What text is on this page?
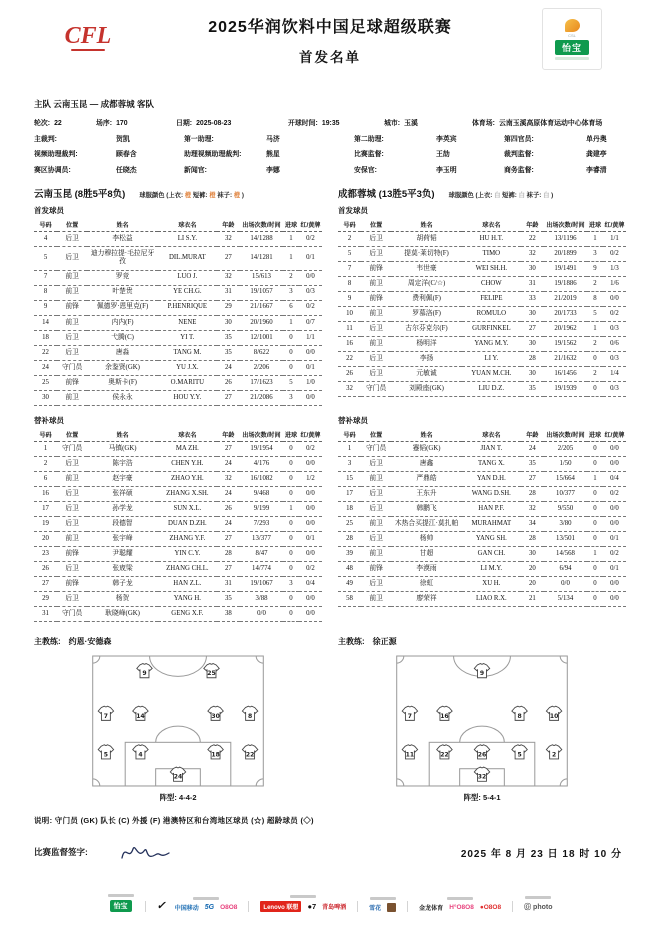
CFL	2025华润饮料中国足球超级联赛
首发名单
CSL
怡宝
主队 云南玉昆 — 成都蓉城 客队
轮次: 22	场序: 170	日期: 2025-08-23	开球时间: 19:35	城市: 玉溪	体育场: 云南玉溪高原体育运动中心体育场
主裁判:	贺凯	第一助理:	马济	第二助理:	李英宾	第四官员:	单丹奥
视频助理裁判:	顾春含	助理视频助理裁判:	熊星	比赛监督:	王劼	裁判监督:	龚建亭
赛区协调员:	任晓杰	新闻官:	李娜	安保官:	李玉明	商务监督:	李睿清
云南玉昆 (8胜5平8负) 球服颜色 (上衣: 橙 短裤: 橙 袜子: 橙 )
首发球员
号码	位置	姓名	球衣名	年龄	出场次数/时间	进球	红/黄牌
4	后卫	李松益	LI S.Y.	32	14/1288	1	0/2
5	后卫	迪力穆拉提·毛拉尼牙孜	DIL.MURAT	27	14/1281	1	0/1
7	前卫	罗竞	LUO J.	32	15/613	2	0/0
8	前卫	叶楚贵	YE CH.G.	31	19/1057	3	0/3
9	前锋	佩德罗·恩里克(F)	P.HENRIQUE	29	21/1667	6	0/2
14	前卫	内内(F)	NENE	30	20/1960	1	0/7
18	后卫	弋腾(C)	YI T.	35	12/1001	0	1/1
22	后卫	唐淼	TANG M.	35	8/622	0	0/0
24	守门员	余鉴贤(GK)	YU J.X.	24	2/206	0	0/1
25	前锋	奥斯卡(F)	O.MARITU	26	17/1623	5	1/0
30	前卫	侯永永	HOU Y.Y.	27	21/2086	3	0/0
替补球员
号码	位置	姓名	球衣名	年龄	出场次数/时间	进球	红/黄牌
1	守门员	马镇(GK)	MA ZH.	27	19/1954	0	0/2
2	后卫	陈宇浩	CHEN Y.H.	24	4/176	0	0/0
6	前卫	赵宇豪	ZHAO Y.H.	32	16/1082	0	1/2
16	后卫	张祥硕	ZHANG X.SH.	24	9/468	0	0/0
17	后卫	孙学龙	SUN X.L.	26	9/199	1	0/0
19	后卫	段德智	DUAN D.ZH.	24	7/293	0	0/0
20	前卫	张宇峰	ZHANG Y.F.	27	13/377	0	0/1
23	前锋	尹聪耀	YIN C.Y.	28	8/47	0	0/0
26	后卫	张宬梁	ZHANG CH.L.	27	14/774	0	0/2
27	前锋	韩子龙	HAN Z.L.	31	19/1067	3	0/4
29	后卫	杨贺	YANG H.	35	3/88	0	0/0
31	守门员	耿晓峰(GK)	GENG X.F.	38	0/0	0	0/0
主教练: 约恩·安德森
9	25
7	14	30	8
5	4	18	22
24
阵型: 4-4-2
成都蓉城 (13胜5平3负) 球服颜色 (上衣: 白 短裤: 白 袜子: 白 )
首发球员
号码	位置	姓名	球衣名	年龄	出场次数/时间	进球	红/黄牌
2	后卫	胡荷韬	HU H.T.	22	13/1196	1	1/1
5	后卫	提莫·莱切特(F)	TIMO	32	20/1899	3	0/2
7	前锋	韦世豪	WEI SH.H.	30	19/1491	9	1/3
8	前卫	周定洋(C/☆)	CHOW	31	19/1886	2	1/6
9	前锋	费利佩(F)	FELIPE	33	21/2019	8	0/0
10	前卫	罗慕洛(F)	ROMULO	30	20/1733	5	0/2
11	后卫	古尔芬克尔(F)	GURFINKEL	27	20/1962	1	0/3
16	前卫	杨明洋	YANG M.Y.	30	19/1562	2	0/6
22	后卫	李扬	LI Y.	28	21/1632	0	0/3
26	后卫	元敏诚	YUAN M.CH.	30	16/1456	2	1/4
32	守门员	刘殿座(GK)	LIU D.Z.	35	19/1939	0	0/3
替补球员
号码	位置	姓名	球衣名	年龄	出场次数/时间	进球	红/黄牌
1	守门员	蹇韬(GK)	JIAN T.	24	2/205	0	0/0
3	后卫	唐鑫	TANG X.	35	1/50	0	0/0
15	前卫	严鼎皓	YAN D.H.	27	15/664	1	0/4
17	后卫	王东升	WANG D.SH.	28	10/377	0	0/2
18	后卫	韩鹏飞	HAN P.F.	32	9/550	0	0/0
25	前卫	木热合买提江·莫扎帕	MURAHMAT	34	3/80	0	0/0
28	后卫	杨帅	YANG SH.	28	13/501	0	0/1
39	前卫	甘超	GAN CH.	30	14/568	1	0/2
48	前锋	李漠雨	LI M.Y.	20	6/94	0	0/1
49	后卫	徐虹	XU H.	20	0/0	0	0/0
58	前卫	廖荣祥	LIAO R.X.	21	5/134	0	0/0
主教练: 徐正源
9
7	16	8	10
11	22	26	5	2
32
阵型: 5-4-1
说明: 守门员 (GK) 队长 (C) 外援 (F) 港澳特区和台湾地区球员 (☆) 超龄球员 (◇)
比赛监督签字:	2025 年 8 月 23 日 18 时 10 分
怡宝	✓ 中国移动 5G O8O8	Lenovo 联想	●7 青岛啤酒	雪花	金龙体育 H°O8O8 ●O8O8	Ⓖ photo
